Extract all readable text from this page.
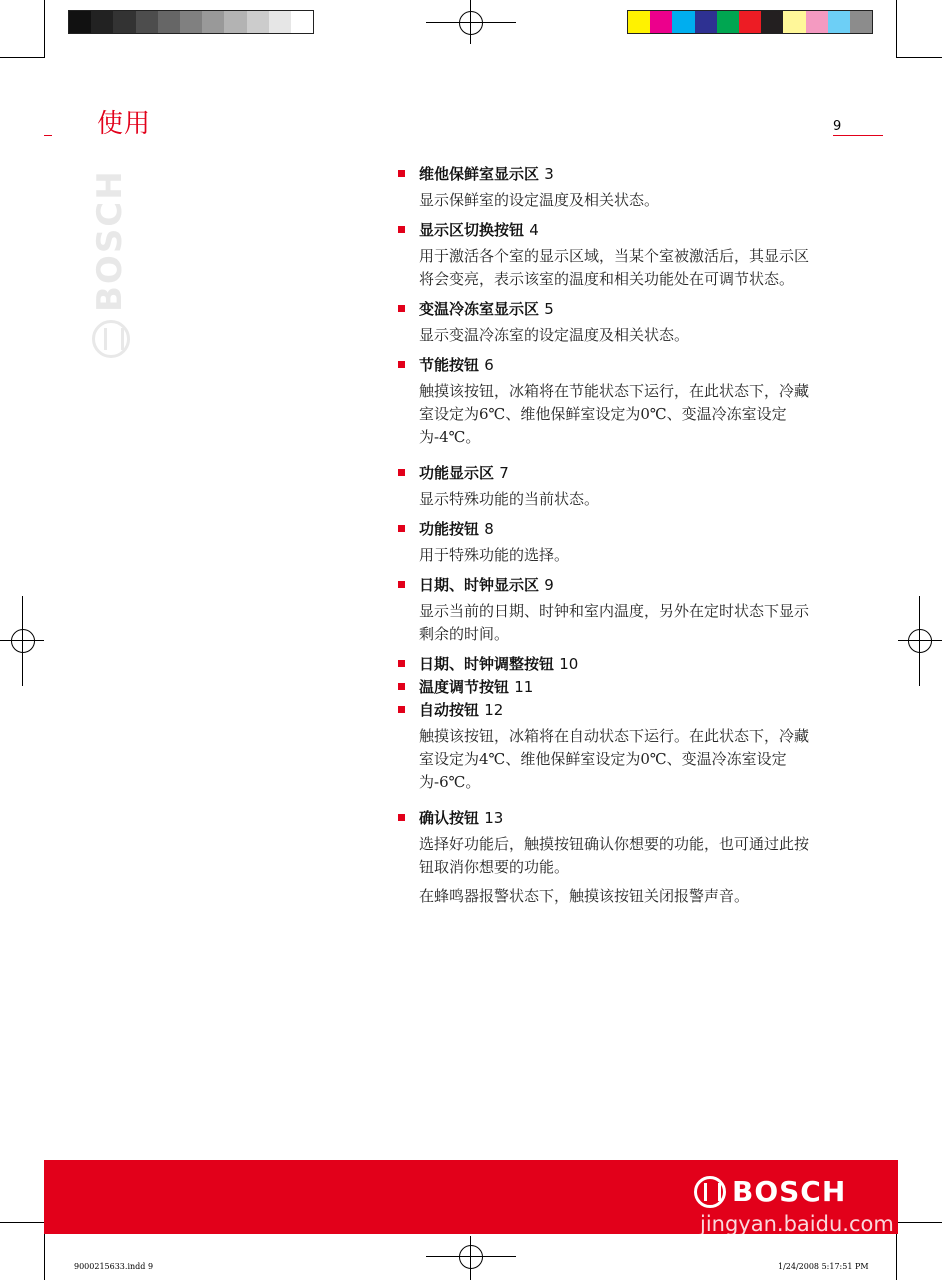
使用	9
BOSCH	维他保鲜室显示区 3
显示保鲜室的设定温度及相关状态。
显示区切换按钮 4
用于激活各个室的显示区域，当某个室被激活后，其显示区将会变亮，表示该室的温度和相关功能处在可调节状态。
变温冷冻室显示区 5
显示变温冷冻室的设定温度及相关状态。
节能按钮 6
触摸该按钮，冰箱将在节能状态下运行，在此状态下，冷藏室设定为6℃、维他保鲜室设定为0℃、变温冷冻室设定为-4℃。
功能显示区 7
显示特殊功能的当前状态。
功能按钮 8
用于特殊功能的选择。
日期、时钟显示区 9
显示当前的日期、时钟和室内温度，另外在定时状态下显示剩余的时间。
日期、时钟调整按钮 10
温度调节按钮 11
自动按钮 12
触摸该按钮，冰箱将在自动状态下运行。在此状态下，冷藏室设定为4℃、维他保鲜室设定为0℃、变温冷冻室设定为-6℃。
确认按钮 13
选择好功能后，触摸按钮确认你想要的功能，也可通过此按钮取消你想要的功能。
在蜂鸣器报警状态下，触摸该按钮关闭报警声音。
BOSCH
jingyan.baidu.com
9000215633.indd 9	1/24/2008 5:17:51 PM
